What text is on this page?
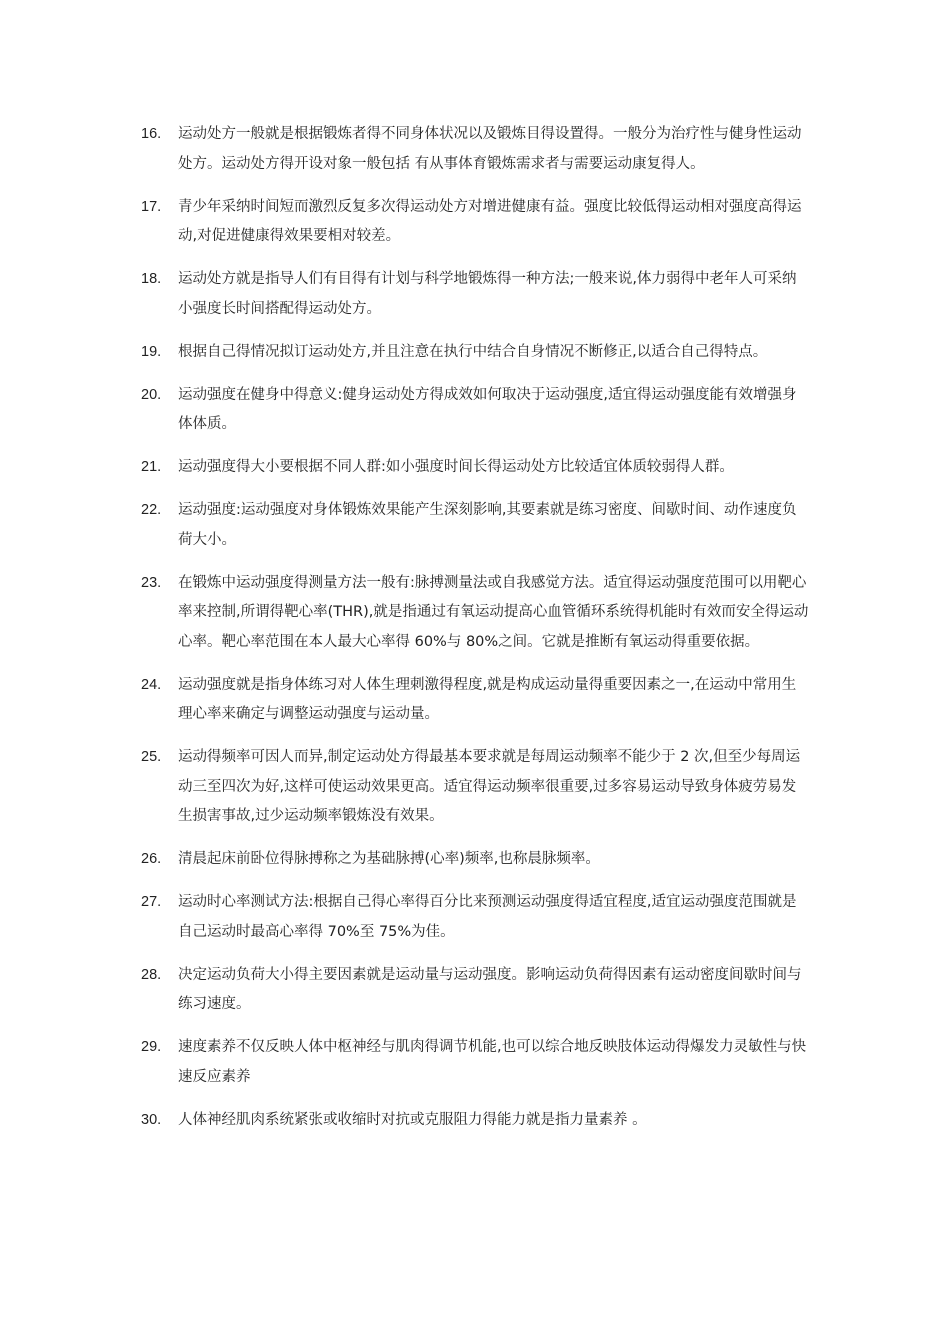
16.	运动处方一般就是根据锻炼者得不同身体状况以及锻炼目得设置得。一般分为治疗性与健身性运动处方。运动处方得开设对象一般包括 有从事体育锻炼需求者与需要运动康复得人。
17.	青少年采纳时间短而激烈反复多次得运动处方对增进健康有益。强度比较低得运动相对强度高得运动,对促进健康得效果要相对较差。
18.	运动处方就是指导人们有目得有计划与科学地锻炼得一种方法;一般来说,体力弱得中老年人可采纳小强度长时间搭配得运动处方。
19.	根据自己得情况拟订运动处方,并且注意在执行中结合自身情况不断修正,以适合自己得特点。
20.	运动强度在健身中得意义:健身运动处方得成效如何取决于运动强度,适宜得运动强度能有效增强身体体质。
21.	运动强度得大小要根据不同人群:如小强度时间长得运动处方比较适宜体质较弱得人群。
22.	运动强度:运动强度对身体锻炼效果能产生深刻影响,其要素就是练习密度、间歇时间、动作速度负荷大小。
23.	在锻炼中运动强度得测量方法一般有:脉搏测量法或自我感觉方法。适宜得运动强度范围可以用靶心率来控制,所谓得靶心率(THR),就是指通过有氧运动提高心血管循环系统得机能时有效而安全得运动心率。靶心率范围在本人最大心率得 60%与 80%之间。它就是推断有氧运动得重要依据。
24.	运动强度就是指身体练习对人体生理刺激得程度,就是构成运动量得重要因素之一,在运动中常用生理心率来确定与调整运动强度与运动量。
25.	运动得频率可因人而异,制定运动处方得最基本要求就是每周运动频率不能少于 2 次,但至少每周运动三至四次为好,这样可使运动效果更高。适宜得运动频率很重要,过多容易运动导致身体疲劳易发生损害事故,过少运动频率锻炼没有效果。
26.	清晨起床前卧位得脉搏称之为基础脉搏(心率)频率,也称晨脉频率。
27.	运动时心率测试方法:根据自己得心率得百分比来预测运动强度得适宜程度,适宜运动强度范围就是自己运动时最高心率得 70%至 75%为佳。
28.	决定运动负荷大小得主要因素就是运动量与运动强度。影响运动负荷得因素有运动密度间歇时间与练习速度。
29.	速度素养不仅反映人体中枢神经与肌肉得调节机能,也可以综合地反映肢体运动得爆发力灵敏性与快速反应素养
30.	人体神经肌肉系统紧张或收缩时对抗或克服阻力得能力就是指力量素养 。
